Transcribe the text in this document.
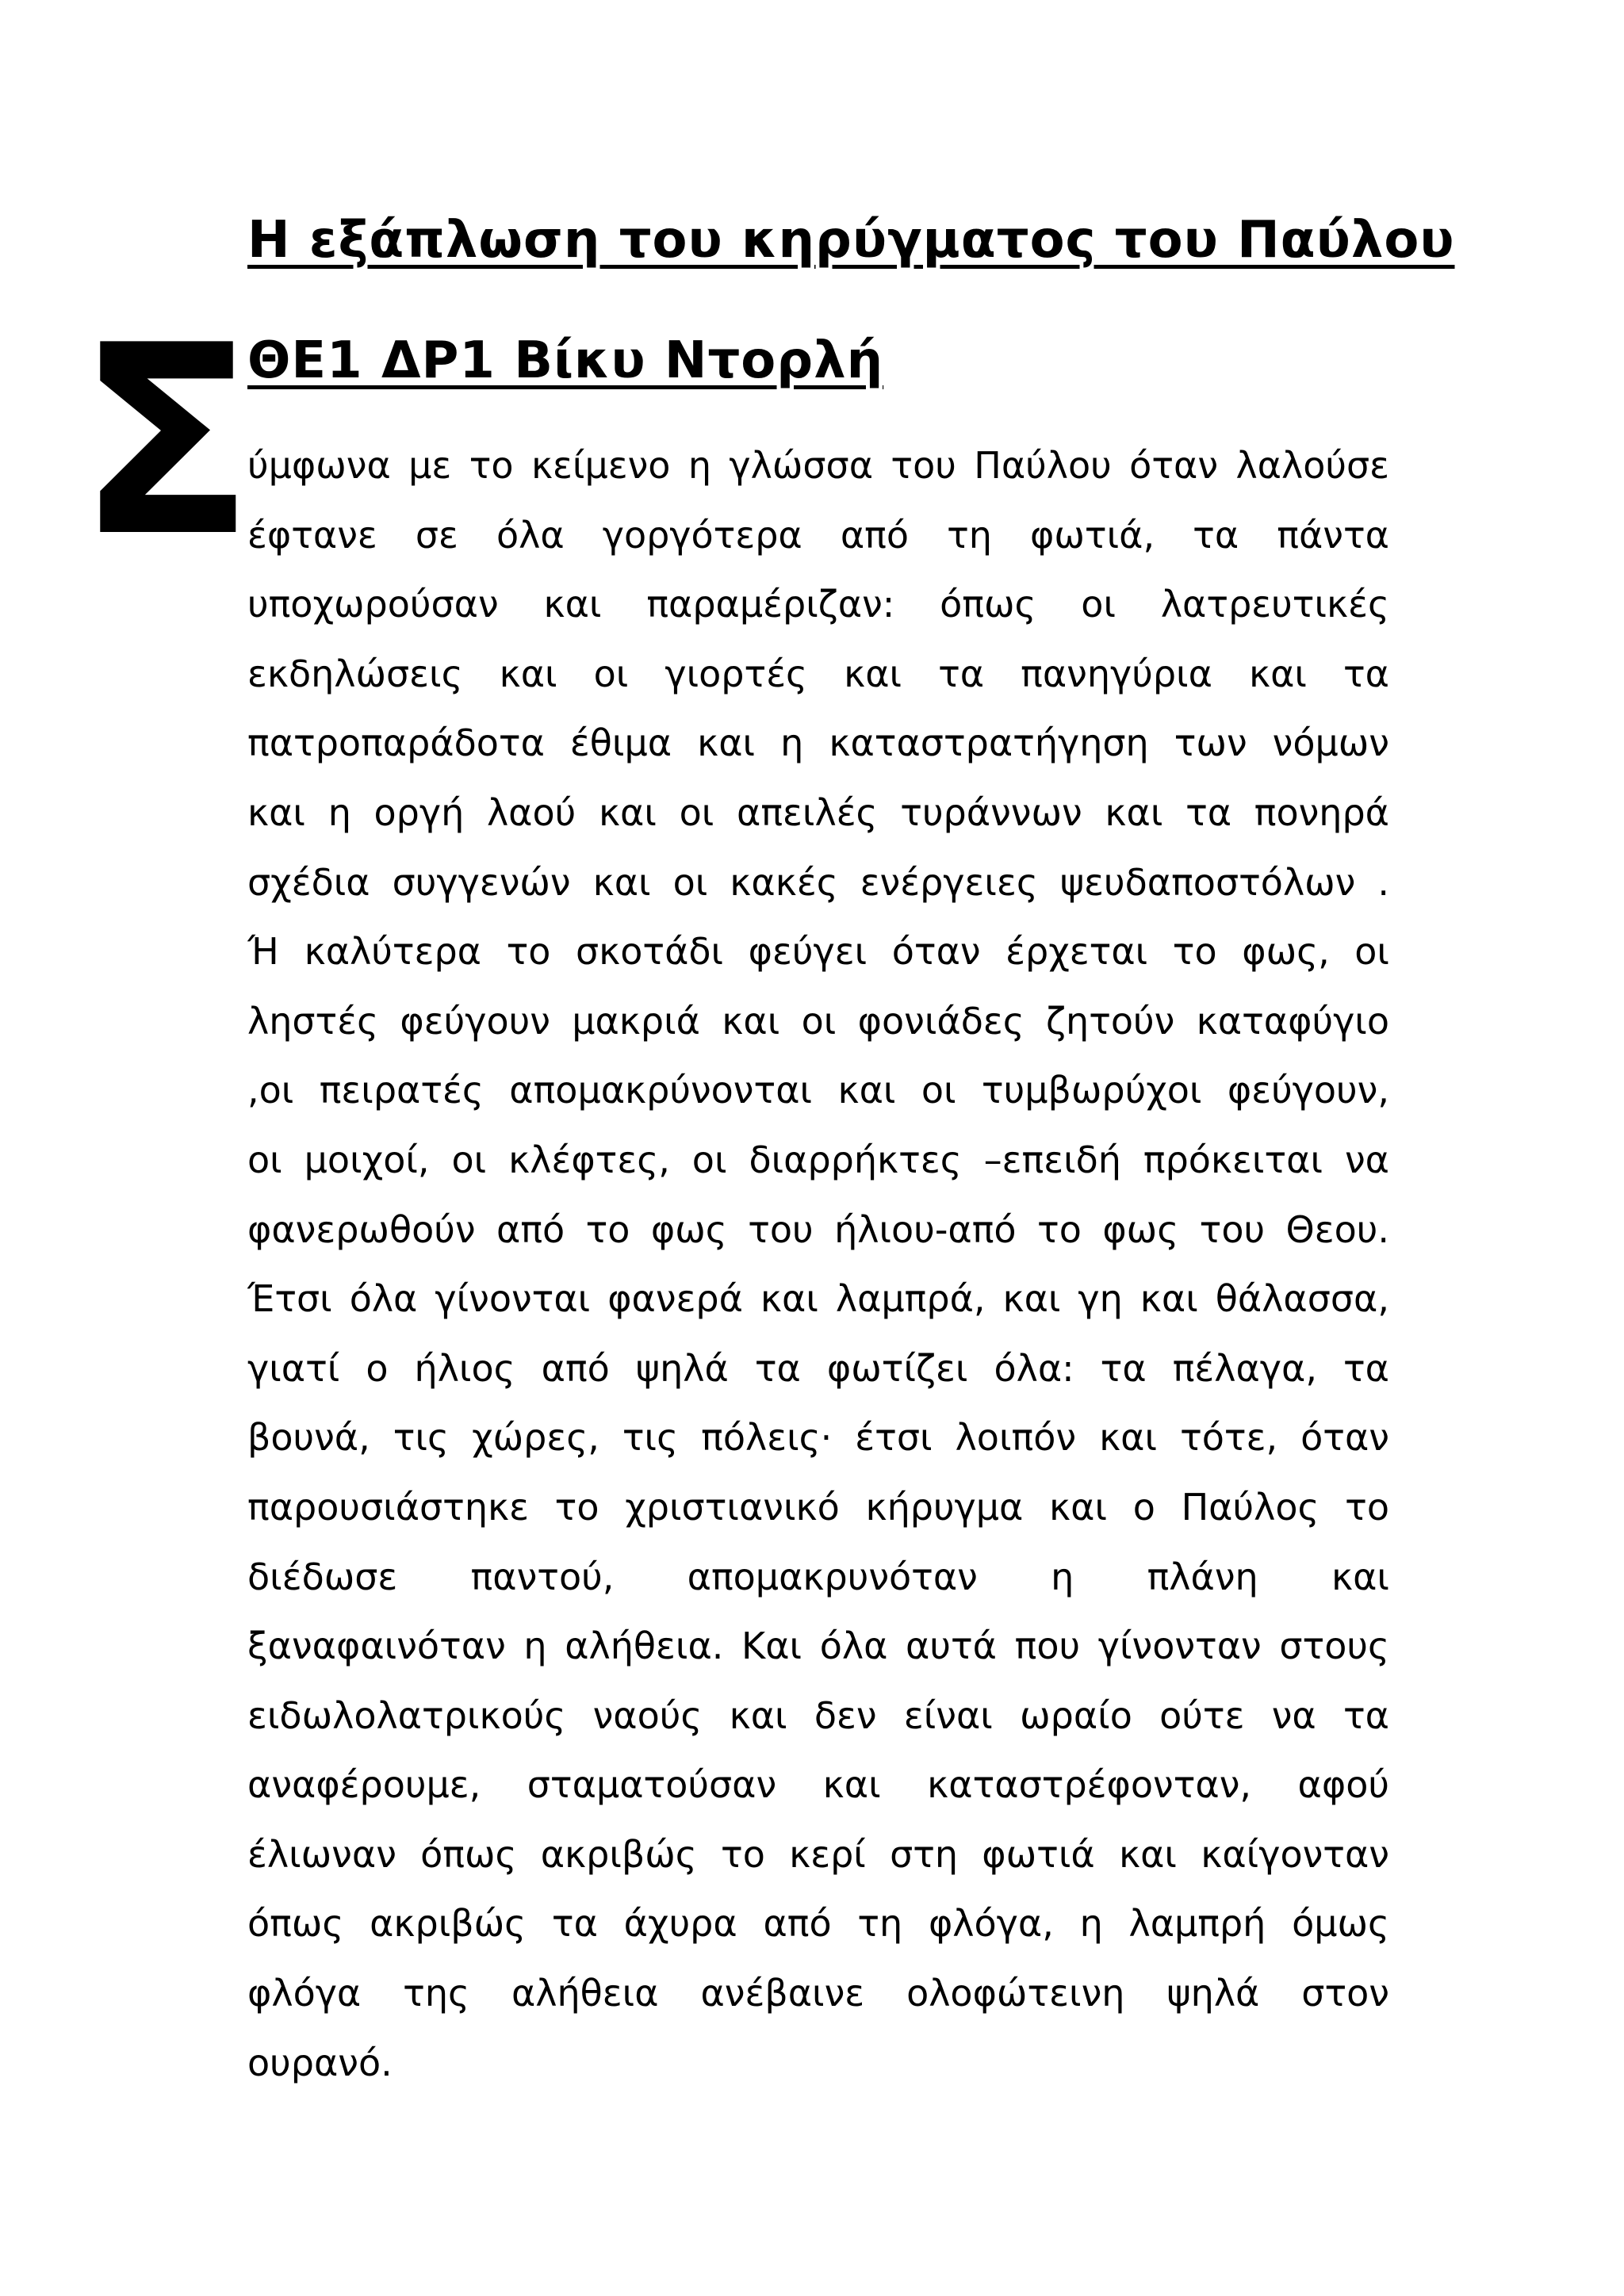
Η εξάπλωση του κηρύγματος του Παύλου
ΘΕ1 ΔΡ1 Βίκυ Ντορλή
Σ
ύμφωνα με το κείμενο η γλώσσα του Παύλου όταν λαλούσε
έφτανε σε όλα γοργότερα από τη φωτιά, τα πάντα
υποχωρούσαν και παραμέριζαν: όπως οι λατρευτικές
εκδηλώσεις και οι γιορτές και τα πανηγύρια και τα
πατροπαράδοτα έθιμα και η καταστρατήγηση των νόμων
και η οργή λαού και οι απειλές τυράννων και τα πονηρά
σχέδια συγγενών και οι κακές ενέργειες ψευδαποστόλων .
Ή καλύτερα το σκοτάδι φεύγει όταν έρχεται το φως, οι
ληστές φεύγουν μακριά και οι φονιάδες ζητούν καταφύγιο
,οι πειρατές απομακρύνονται και οι τυμβωρύχοι φεύγουν,
οι μοιχοί, οι κλέφτες, οι διαρρήκτες –επειδή πρόκειται να
φανερωθούν από το φως του ήλιου-από το φως του Θεου.
Έτσι όλα γίνονται φανερά και λαμπρά, και γη και θάλασσα,
γιατί ο ήλιος από ψηλά τα φωτίζει όλα: τα πέλαγα, τα
βουνά, τις χώρες, τις πόλεις· έτσι λοιπόν και τότε, όταν
παρουσιάστηκε το χριστιανικό κήρυγμα και ο Παύλος το
διέδωσε παντού, απομακρυνόταν η πλάνη και
ξαναφαινόταν η αλήθεια. Και όλα αυτά που γίνονταν στους
ειδωλολατρικούς ναούς και δεν είναι ωραίο ούτε να τα
αναφέρουμε, σταματούσαν και καταστρέφονταν, αφού
έλιωναν όπως ακριβώς το κερί στη φωτιά και καίγονταν
όπως ακριβώς τα άχυρα από τη φλόγα, η λαμπρή όμως
φλόγα της αλήθεια ανέβαινε ολοφώτεινη ψηλά στον
ουρανό.
